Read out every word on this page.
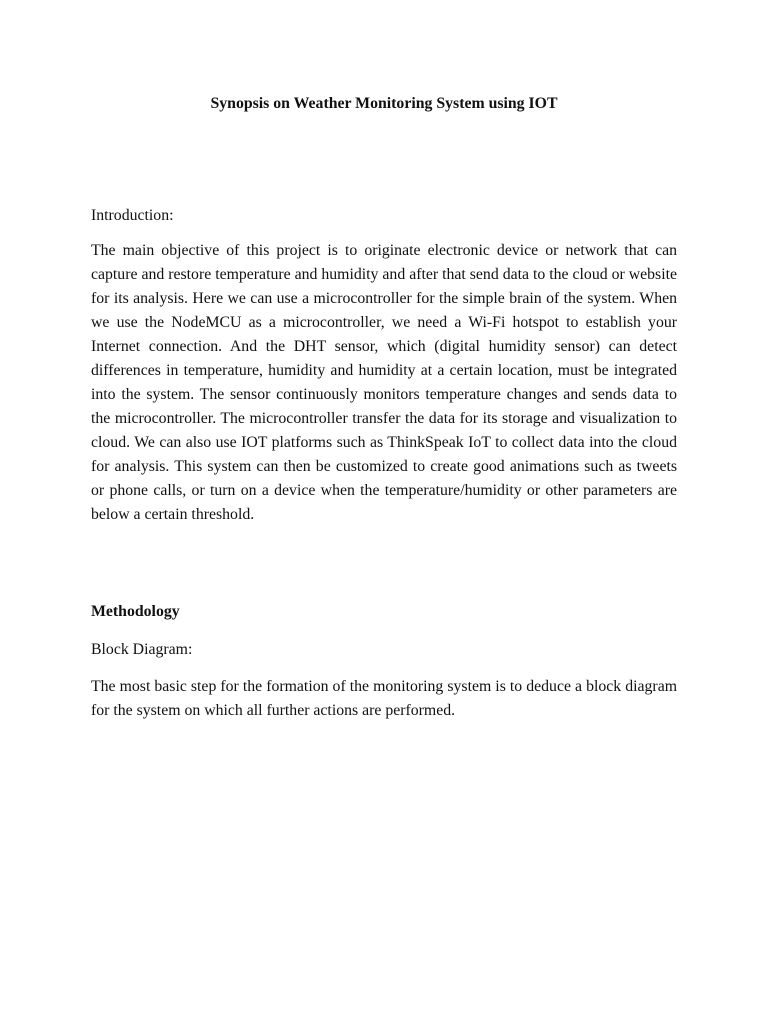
Synopsis on Weather Monitoring System using IOT

Introduction:

The main objective of this project is to originate electronic device or network that can capture and restore temperature and humidity and after that send data to the cloud or website for its analysis. Here we can use a microcontroller for the simple brain of the system. When we use the NodeMCU as a microcontroller, we need a Wi-Fi hotspot to establish your Internet connection. And the DHT sensor, which (digital humidity sensor) can detect differences in temperature, humidity and humidity at a certain location, must be integrated into the system. The sensor continuously monitors temperature changes and sends data to the microcontroller. The microcontroller transfer the data for its storage and visualization to cloud. We can also use IOT platforms such as ThinkSpeak IoT to collect data into the cloud for analysis. This system can then be customized to create good animations such as tweets or phone calls, or turn on a device when the temperature/humidity or other parameters are below a certain threshold.

Methodology

Block Diagram:

The most basic step for the formation of the monitoring system is to deduce a block diagram for the system on which all further actions are performed.
